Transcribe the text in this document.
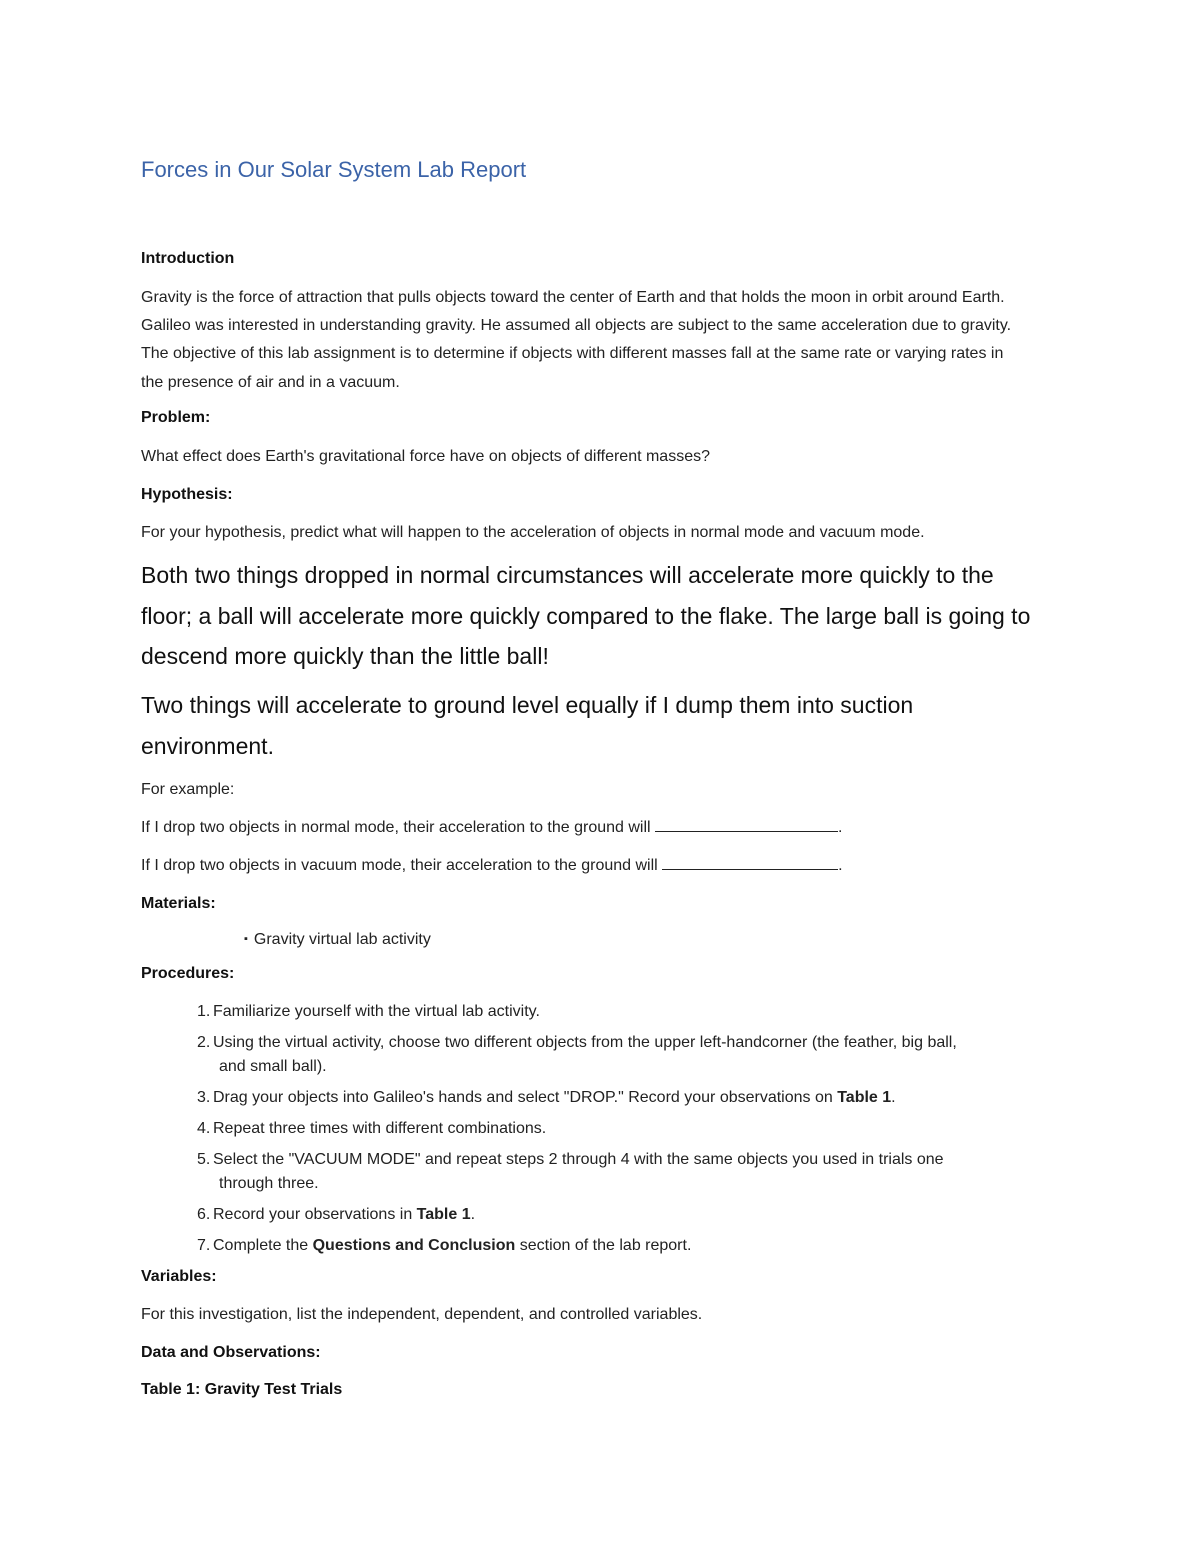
Forces in Our Solar System Lab Report
Introduction
Gravity is the force of attraction that pulls objects toward the center of Earth and that holds the moon in orbit around Earth.
Galileo was interested in understanding gravity. He assumed all objects are subject to the same acceleration due to gravity.
The objective of this lab assignment is to determine if objects with different masses fall at the same rate or varying rates in
the presence of air and in a vacuum.
Problem:
What effect does Earth's gravitational force have on objects of different masses?
Hypothesis:
For your hypothesis, predict what will happen to the acceleration of objects in normal mode and vacuum mode.
Both two things dropped in normal circumstances will accelerate more quickly to the
floor; a ball will accelerate more quickly compared to the flake. The large ball is going to
descend more quickly than the little ball!
Two things will accelerate to ground level equally if I dump them into suction
environment.
For example:
If I drop two objects in normal mode, their acceleration to the ground will	.
If I drop two objects in vacuum mode, their acceleration to the ground will	.
Materials:
▪ Gravity virtual lab activity
Procedures:
1. Familiarize yourself with the virtual lab activity.
2. Using the virtual activity, choose two different objects from the upper left-handcorner (the feather, big ball,
and small ball).
3. Drag your objects into Galileo's hands and select "DROP." Record your observations on Table 1.
4. Repeat three times with different combinations.
5. Select the "VACUUM MODE" and repeat steps 2 through 4 with the same objects you used in trials one
through three.
6. Record your observations in Table 1.
7. Complete the Questions and Conclusion section of the lab report.
Variables:
For this investigation, list the independent, dependent, and controlled variables.
Data and Observations:
Table 1: Gravity Test Trials
